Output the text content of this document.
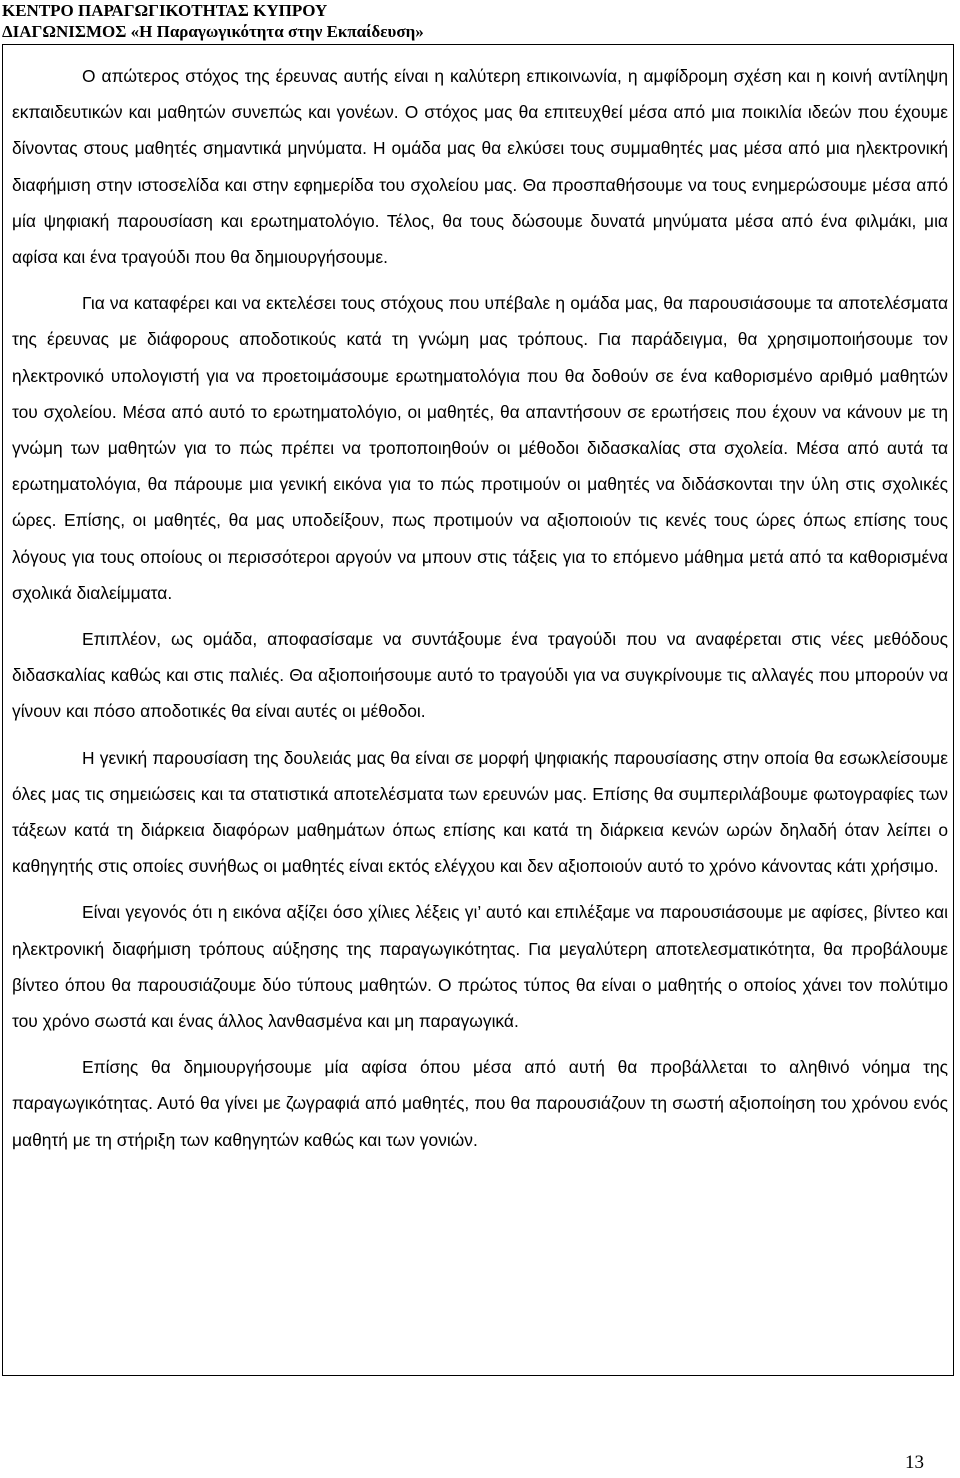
ΚΕΝΤΡΟ ΠΑΡΑΓΩΓΙΚΟΤΗΤΑΣ ΚΥΠΡΟΥ
ΔΙΑΓΩΝΙΣΜΟΣ «Η Παραγωγικότητα στην Εκπαίδευση»

Ο απώτερος στόχος της έρευνας αυτής είναι η καλύτερη επικοινωνία, η αμφίδρομη σχέση και η κοινή αντίληψη εκπαιδευτικών και μαθητών συνεπώς και γονέων. Ο στόχος μας θα επιτευχθεί μέσα από μια ποικιλία ιδεών που έχουμε δίνοντας στους μαθητές σημαντικά μηνύματα. Η ομάδα μας θα ελκύσει τους συμμαθητές μας μέσα από μια ηλεκτρονική διαφήμιση στην ιστοσελίδα και στην εφημερίδα του σχολείου μας. Θα προσπαθήσουμε να τους ενημερώσουμε μέσα από μία ψηφιακή παρουσίαση και ερωτηματολόγιο. Τέλος, θα τους δώσουμε δυνατά μηνύματα μέσα από ένα φιλμάκι, μια αφίσα και ένα τραγούδι που θα δημιουργήσουμε.

Για να καταφέρει και να εκτελέσει τους στόχους που υπέβαλε η ομάδα μας, θα παρουσιάσουμε τα αποτελέσματα της έρευνας με διάφορους αποδοτικούς κατά τη γνώμη μας τρόπους. Για παράδειγμα, θα χρησιμοποιήσουμε τον ηλεκτρονικό υπολογιστή για να προετοιμάσουμε ερωτηματολόγια που θα δοθούν σε ένα καθορισμένο αριθμό μαθητών του σχολείου. Μέσα από αυτό το ερωτηματολόγιο, οι μαθητές, θα απαντήσουν σε ερωτήσεις που έχουν να κάνουν με τη γνώμη των μαθητών για το πώς πρέπει να τροποποιηθούν οι μέθοδοι διδασκαλίας στα σχολεία. Μέσα από αυτά τα ερωτηματολόγια, θα πάρουμε μια γενική εικόνα για το πώς προτιμούν οι μαθητές να διδάσκονται την ύλη στις σχολικές ώρες. Επίσης, οι μαθητές, θα μας υποδείξουν, πως προτιμούν να αξιοποιούν τις κενές τους ώρες όπως επίσης τους λόγους για τους οποίους οι περισσότεροι αργούν να μπουν στις τάξεις για το επόμενο μάθημα μετά από τα καθορισμένα σχολικά διαλείμματα.

Επιπλέον, ως ομάδα, αποφασίσαμε να συντάξουμε ένα τραγούδι που να αναφέρεται στις νέες μεθόδους διδασκαλίας καθώς και στις παλιές. Θα αξιοποιήσουμε αυτό το τραγούδι για να συγκρίνουμε τις αλλαγές που μπορούν να γίνουν και πόσο αποδοτικές θα είναι αυτές οι μέθοδοι.

Η γενική παρουσίαση της δουλειάς μας θα είναι σε μορφή ψηφιακής παρουσίασης στην οποία θα εσωκλείσουμε όλες μας τις σημειώσεις και τα στατιστικά αποτελέσματα των ερευνών μας. Επίσης θα συμπεριλάβουμε φωτογραφίες των τάξεων κατά τη διάρκεια διαφόρων μαθημάτων όπως επίσης και κατά τη διάρκεια κενών ωρών δηλαδή όταν λείπει ο καθηγητής στις οποίες συνήθως οι μαθητές είναι εκτός ελέγχου και δεν αξιοποιούν αυτό το χρόνο κάνοντας κάτι χρήσιμο.

Είναι γεγονός ότι η εικόνα αξίζει όσο χίλιες λέξεις γι’ αυτό και επιλέξαμε να παρουσιάσουμε με αφίσες, βίντεο και ηλεκτρονική διαφήμιση τρόπους αύξησης της παραγωγικότητας. Για μεγαλύτερη αποτελεσματικότητα, θα προβάλουμε βίντεο όπου θα παρουσιάζουμε δύο τύπους μαθητών. Ο πρώτος τύπος θα είναι ο μαθητής ο οποίος χάνει τον πολύτιμο του χρόνο σωστά και ένας άλλος λανθασμένα και μη παραγωγικά.

Επίσης θα δημιουργήσουμε μία αφίσα όπου μέσα από αυτή θα προβάλλεται το αληθινό νόημα της παραγωγικότητας. Αυτό θα γίνει με ζωγραφιά από μαθητές, που θα παρουσιάζουν τη σωστή αξιοποίηση του χρόνου ενός μαθητή με τη στήριξη των καθηγητών καθώς και των γονιών.

13
